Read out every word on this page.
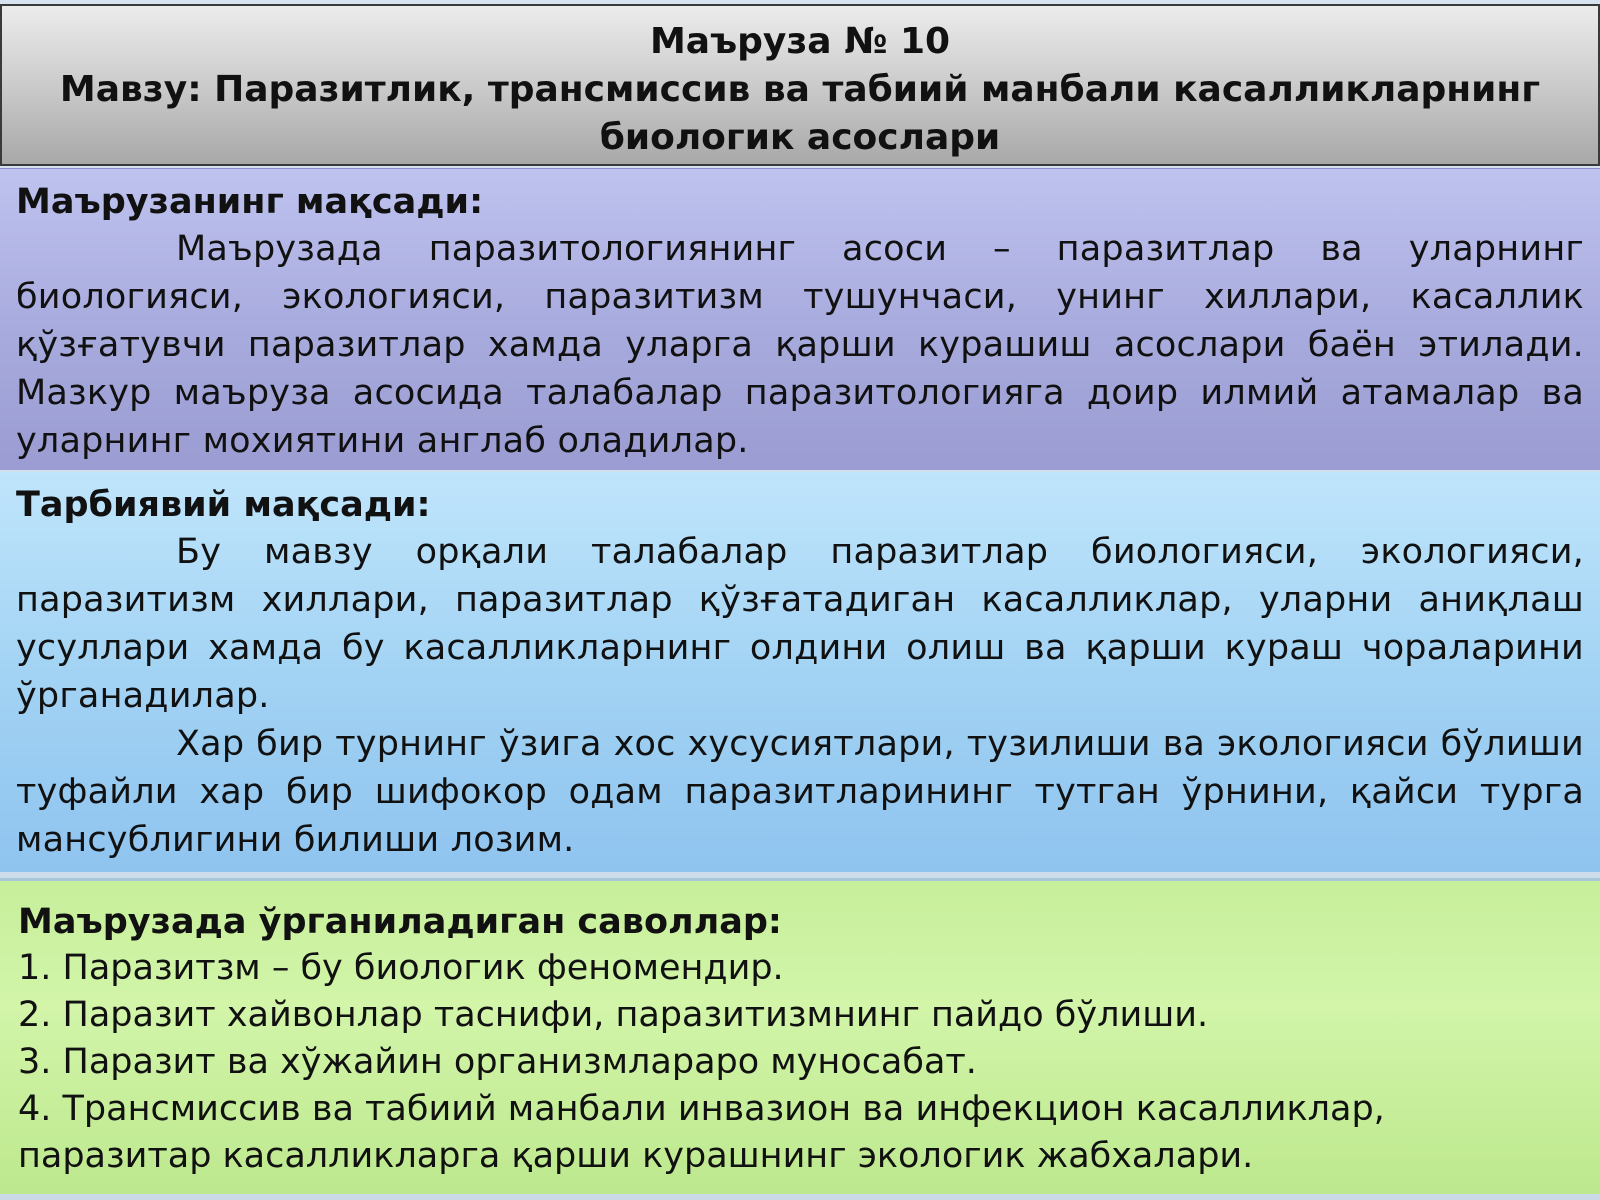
Маъруза № 10
Мавзу: Паразитлик, трансмиссив ва табиий манбали касалликларнинг
биологик асослари
Маърузанинг мақсади:

Маърузада паразитологиянинг асоси – паразитлар ва уларнинг биологияси, экологияси, паразитизм тушунчаси, унинг хиллари, касаллик қўзғатувчи паразитлар хамда уларга қарши курашиш асослари баён этилади. Мазкур маъруза асосида талабалар паразитологияга доир илмий атамалар ва уларнинг мохиятини англаб оладилар.

Тарбиявий мақсади:

Бу мавзу орқали талабалар паразитлар биологияси, экологияси, паразитизм хиллари, паразитлар қўзғатадиган касалликлар, уларни аниқлаш усуллари хамда бу касалликларнинг олдини олиш ва қарши кураш чораларини ўрганадилар.

Хар бир турнинг ўзига хос хусусиятлари, тузилиши ва экологияси бўлиши туфайли хар бир шифокор одам паразитларининг тутган ўрнини, қайси турга мансублигини билиши лозим.

Маърузада ўрганиладиган саволлар:
1. Паразитзм – бу биологик феномендир.
2. Паразит хайвонлар таснифи, паразитизмнинг пайдо бўлиши.
3. Паразит ва хўжайин организмлараро муносабат.
4. Трансмиссив ва табиий манбали инвазион ва инфекцион касалликлар, паразитар касалликларга қарши курашнинг экологик жабхалари.
